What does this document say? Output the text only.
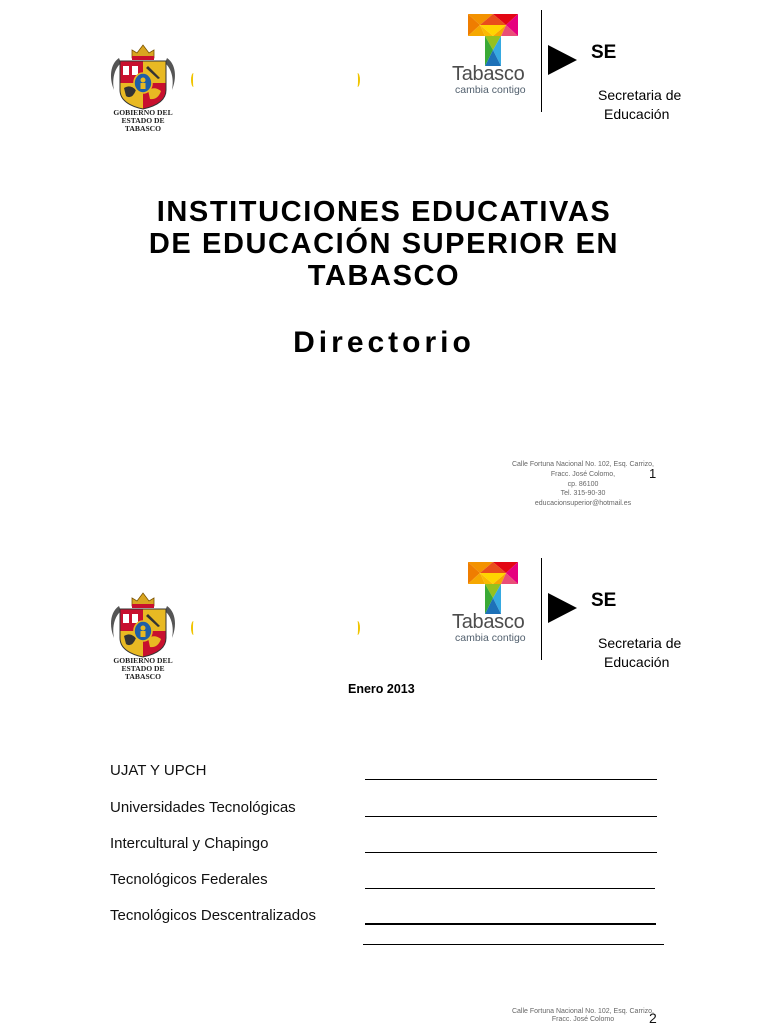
GOBIERNO DEL
ESTADO DE
TABASCO
Tabasco
cambia contigo
SE
Secretaria de
Educación
INSTITUCIONES EDUCATIVAS
DE EDUCACIÓN SUPERIOR EN
TABASCO
Directorio
Calle Fortuna Nacional No. 102, Esq. Carrizo,
Fracc. José Colomo,
cp. 86100
Tel. 315-90-30
educacionsuperior@hotmail.es
1
GOBIERNO DEL
ESTADO DE
TABASCO
Tabasco
cambia contigo
SE
Secretaria de
Educación
Enero 2013
UJAT Y UPCH
Universidades Tecnológicas
Intercultural y Chapingo
Tecnológicos Federales
Tecnológicos Descentralizados
Calle Fortuna Nacional No. 102, Esq. Carrizo,
Fracc. José Colomo	2
